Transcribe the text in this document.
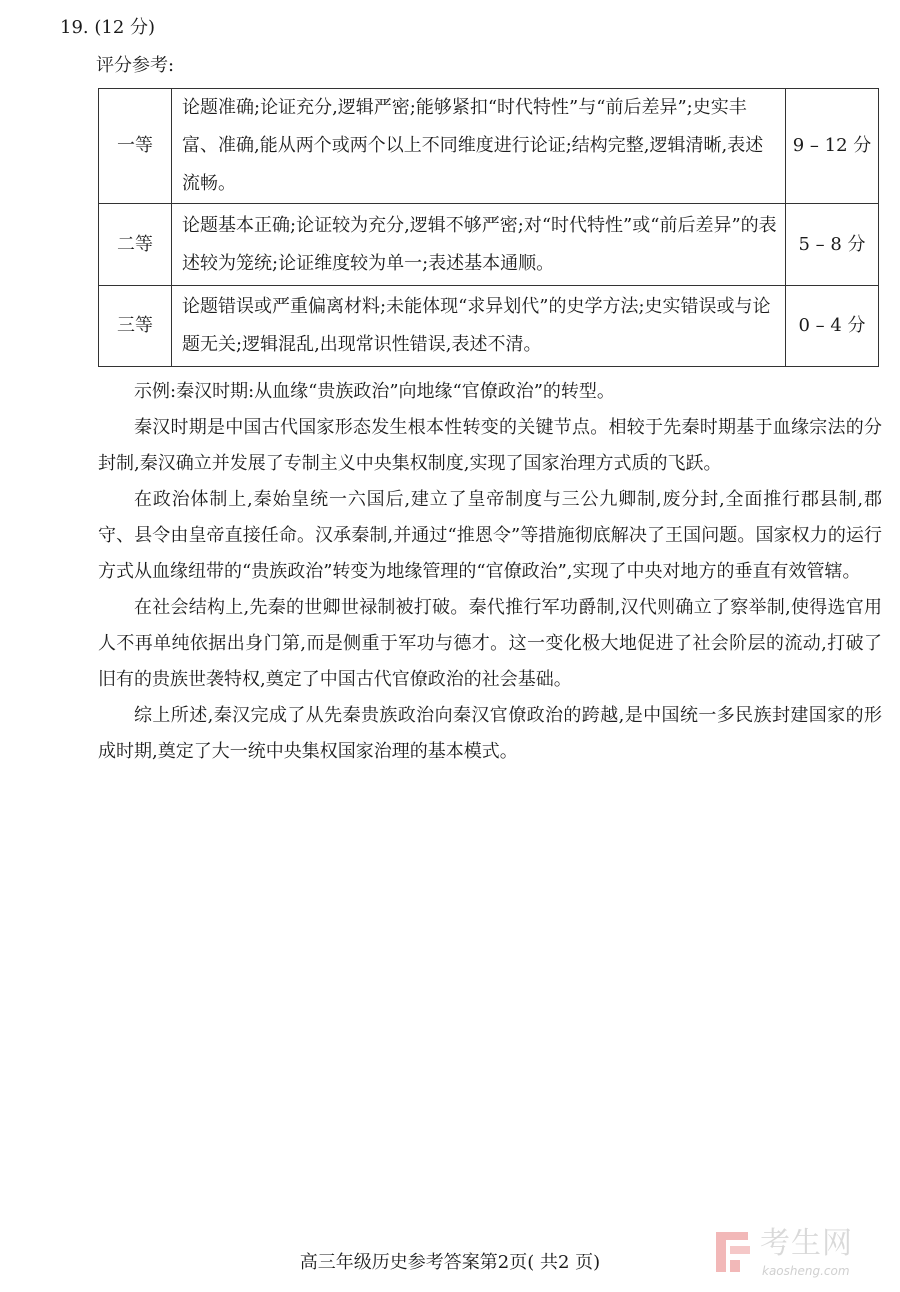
19. (12 分)
评分参考:
一等	论题准确;论证充分,逻辑严密;能够紧扣“时代特性”与“前后差异”;史实丰富、准确,能从两个或两个以上不同维度进行论证;结构完整,逻辑清晰,表述流畅。	9 – 12 分
二等	论题基本正确;论证较为充分,逻辑不够严密;对“时代特性”或“前后差异”的表述较为笼统;论证维度较为单一;表述基本通顺。	5 – 8 分
三等	论题错误或严重偏离材料;未能体现“求异划代”的史学方法;史实错误或与论题无关;逻辑混乱,出现常识性错误,表述不清。	0 – 4 分

示例:秦汉时期:从血缘“贵族政治”向地缘“官僚政治”的转型。

秦汉时期是中国古代国家形态发生根本性转变的关键节点。相较于先秦时期基于血缘宗法的分封制,秦汉确立并发展了专制主义中央集权制度,实现了国家治理方式质的飞跃。

在政治体制上,秦始皇统一六国后,建立了皇帝制度与三公九卿制,废分封,全面推行郡县制,郡守、县令由皇帝直接任命。汉承秦制,并通过“推恩令”等措施彻底解决了王国问题。国家权力的运行方式从血缘纽带的“贵族政治”转变为地缘管理的“官僚政治”,实现了中央对地方的垂直有效管辖。

在社会结构上,先秦的世卿世禄制被打破。秦代推行军功爵制,汉代则确立了察举制,使得选官用人不再单纯依据出身门第,而是侧重于军功与德才。这一变化极大地促进了社会阶层的流动,打破了旧有的贵族世袭特权,奠定了中国古代官僚政治的社会基础。

综上所述,秦汉完成了从先秦贵族政治向秦汉官僚政治的跨越,是中国统一多民族封建国家的形成时期,奠定了大一统中央集权国家治理的基本模式。

高三年级历史参考答案第2页( 共2 页)
考生网
kaosheng.com
